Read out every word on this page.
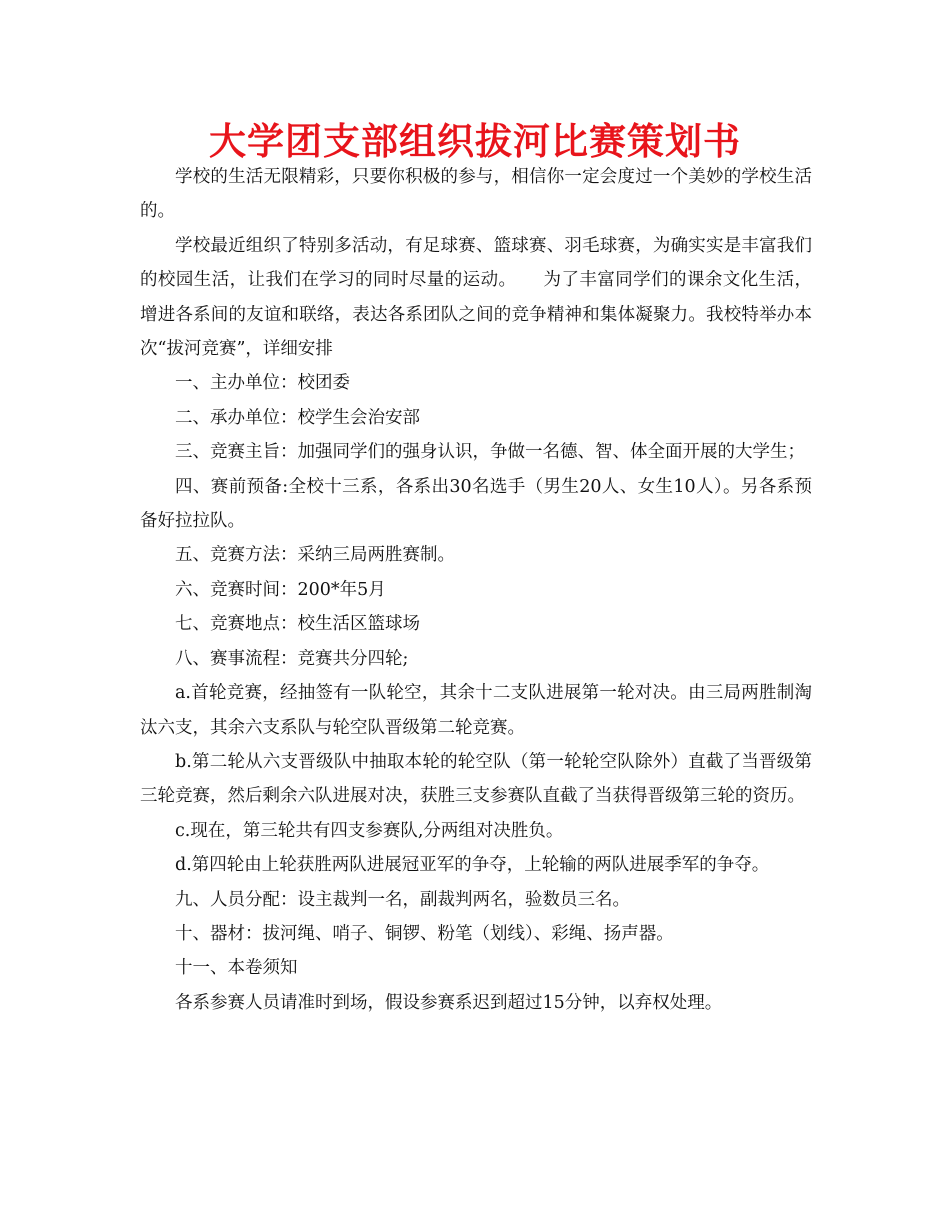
大学团支部组织拔河比赛策划书

学校的生活无限精彩，只要你积极的参与，相信你一定会度过一个美妙的学校生活的。

学校最近组织了特别多活动，有足球赛、篮球赛、羽毛球赛，为确实实是丰富我们的校园生活，让我们在学习的同时尽量的运动。　　为了丰富同学们的课余文化生活，增进各系间的友谊和联络，表达各系团队之间的竞争精神和集体凝聚力。我校特举办本次“拔河竞赛”，详细安排

一、主办单位：校团委

二、承办单位：校学生会治安部

三、竞赛主旨：加强同学们的强身认识，争做一名德、智、体全面开展的大学生；

四、赛前预备:全校十三系，各系出30名选手（男生20人、女生10人）。另各系预备好拉拉队。

五、竞赛方法：采纳三局两胜赛制。

六、竞赛时间：200*年5月

七、竞赛地点：校生活区篮球场

八、赛事流程：竞赛共分四轮;

a.首轮竞赛，经抽签有一队轮空，其余十二支队进展第一轮对决。由三局两胜制淘汰六支，其余六支系队与轮空队晋级第二轮竞赛。

b.第二轮从六支晋级队中抽取本轮的轮空队（第一轮轮空队除外）直截了当晋级第三轮竞赛，然后剩余六队进展对决，获胜三支参赛队直截了当获得晋级第三轮的资历。

c.现在，第三轮共有四支参赛队,分两组对决胜负。

d.第四轮由上轮获胜两队进展冠亚军的争夺，上轮输的两队进展季军的争夺。

九、人员分配：设主裁判一名，副裁判两名，验数员三名。

十、器材：拔河绳、哨子、铜锣、粉笔（划线）、彩绳、扬声器。

十一、本卷须知

各系参赛人员请准时到场，假设参赛系迟到超过15分钟，以弃权处理。
